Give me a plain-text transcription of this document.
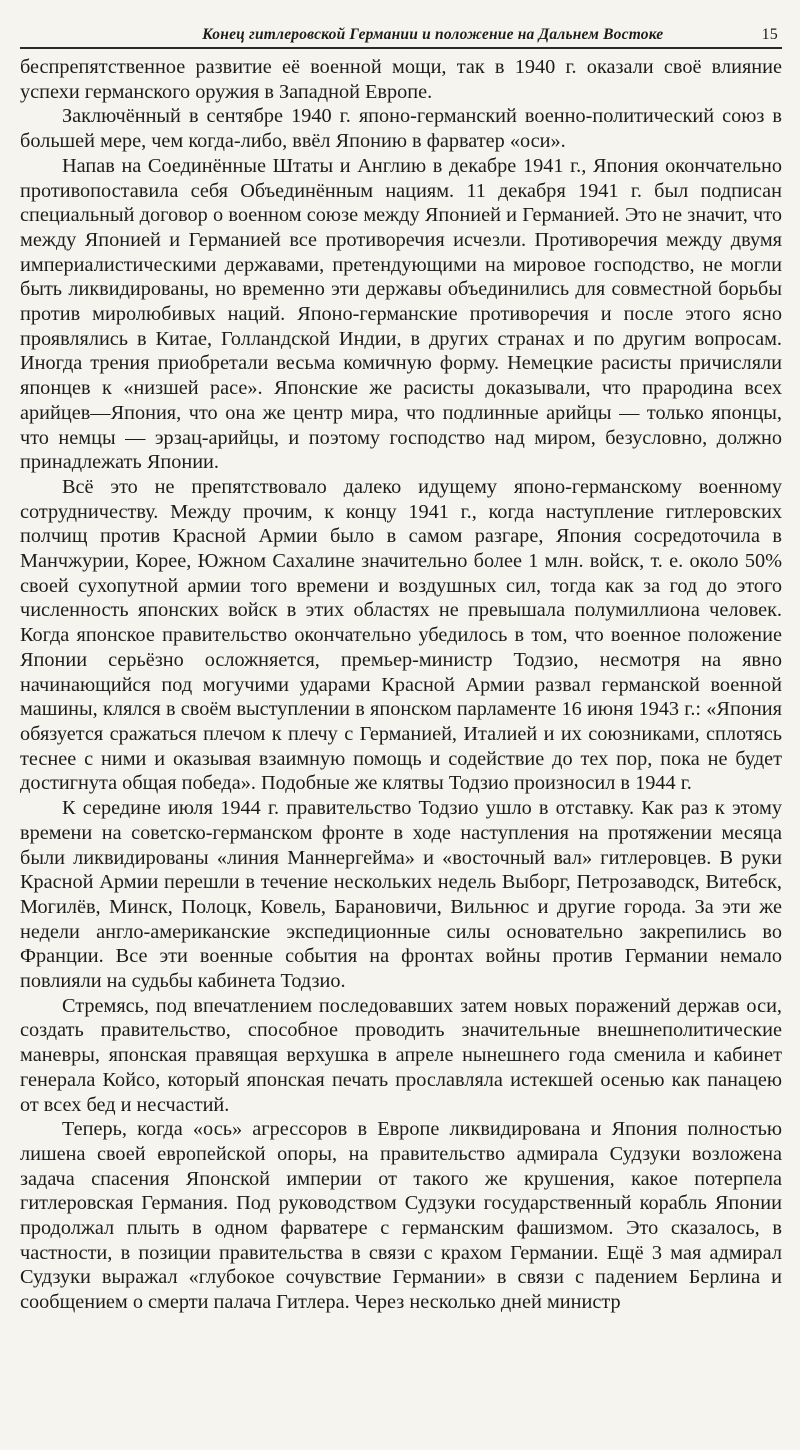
Конец гитлеровской Германии и положение на Дальнем Востоке	15

беспрепятственное развитие её военной мощи, так в 1940 г. оказали своё влияние успехи германского оружия в Западной Европе.

Заключённый в сентябре 1940 г. японо-германский военно-политический союз в большей мере, чем когда-либо, ввёл Японию в фарватер «оси».

Напав на Соединённые Штаты и Англию в декабре 1941 г., Япония окончательно противопоставила себя Объединённым нациям. 11 декабря 1941 г. был подписан специальный договор о военном союзе между Японией и Германией. Это не значит, что между Японией и Германией все противоречия исчезли. Противоречия между двумя империалистическими державами, претендующими на мировое господство, не могли быть ликвидированы, но временно эти державы объединились для совместной борьбы против миролюбивых наций. Японо-германские противоречия и после этого ясно проявлялись в Китае, Голландской Индии, в других странах и по другим вопросам. Иногда трения приобретали весьма комичную форму. Немецкие расисты причисляли японцев к «низшей расе». Японские же расисты доказывали, что прародина всех арийцев—Япония, что она же центр мира, что подлинные арийцы — только японцы, что немцы — эрзац-арийцы, и поэтому господство над миром, безусловно, должно принадлежать Японии.

Всё это не препятствовало далеко идущему японо-германскому военному сотрудничеству. Между прочим, к концу 1941 г., когда наступление гитлеровских полчищ против Красной Армии было в самом разгаре, Япония сосредоточила в Манчжурии, Корее, Южном Сахалине значительно более 1 млн. войск, т. е. около 50% своей сухопутной армии того времени и воздушных сил, тогда как за год до этого численность японских войск в этих областях не превышала полумиллиона человек. Когда японское правительство окончательно убедилось в том, что военное положение Японии серьёзно осложняется, премьер-министр Тодзио, несмотря на явно начинающийся под могучими ударами Красной Армии развал германской военной машины, клялся в своём выступлении в японском парламенте 16 июня 1943 г.: «Япония обязуется сражаться плечом к плечу с Германией, Италией и их союзниками, сплотясь теснее с ними и оказывая взаимную помощь и содействие до тех пор, пока не будет достигнута общая победа». Подобные же клятвы Тодзио произносил в 1944 г.

К середине июля 1944 г. правительство Тодзио ушло в отставку. Как раз к этому времени на советско-германском фронте в ходе наступления на протяжении месяца были ликвидированы «линия Маннергейма» и «восточный вал» гитлеровцев. В руки Красной Армии перешли в течение нескольких недель Выборг, Петрозаводск, Витебск, Могилёв, Минск, Полоцк, Ковель, Барановичи, Вильнюс и другие города. За эти же недели англо-американские экспедиционные силы основательно закрепились во Франции. Все эти военные события на фронтах войны против Германии немало повлияли на судьбы кабинета Тодзио.

Стремясь, под впечатлением последовавших затем новых поражений держав оси, создать правительство, способное проводить значительные внешнеполитические маневры, японская правящая верхушка в апреле нынешнего года сменила и кабинет генерала Койсо, который японская печать прославляла истекшей осенью как панацею от всех бед и несчастий.

Теперь, когда «ось» агрессоров в Европе ликвидирована и Япония полностью лишена своей европейской опоры, на правительство адмирала Судзуки возложена задача спасения Японской империи от такого же крушения, какое потерпела гитлеровская Германия. Под руководством Судзуки государственный корабль Японии продолжал плыть в одном фарватере с германским фашизмом. Это сказалось, в частности, в позиции правительства в связи с крахом Германии. Ещё 3 мая адмирал Судзуки выражал «глубокое сочувствие Германии» в связи с падением Берлина и сообщением о смерти палача Гитлера. Через несколько дней министр
